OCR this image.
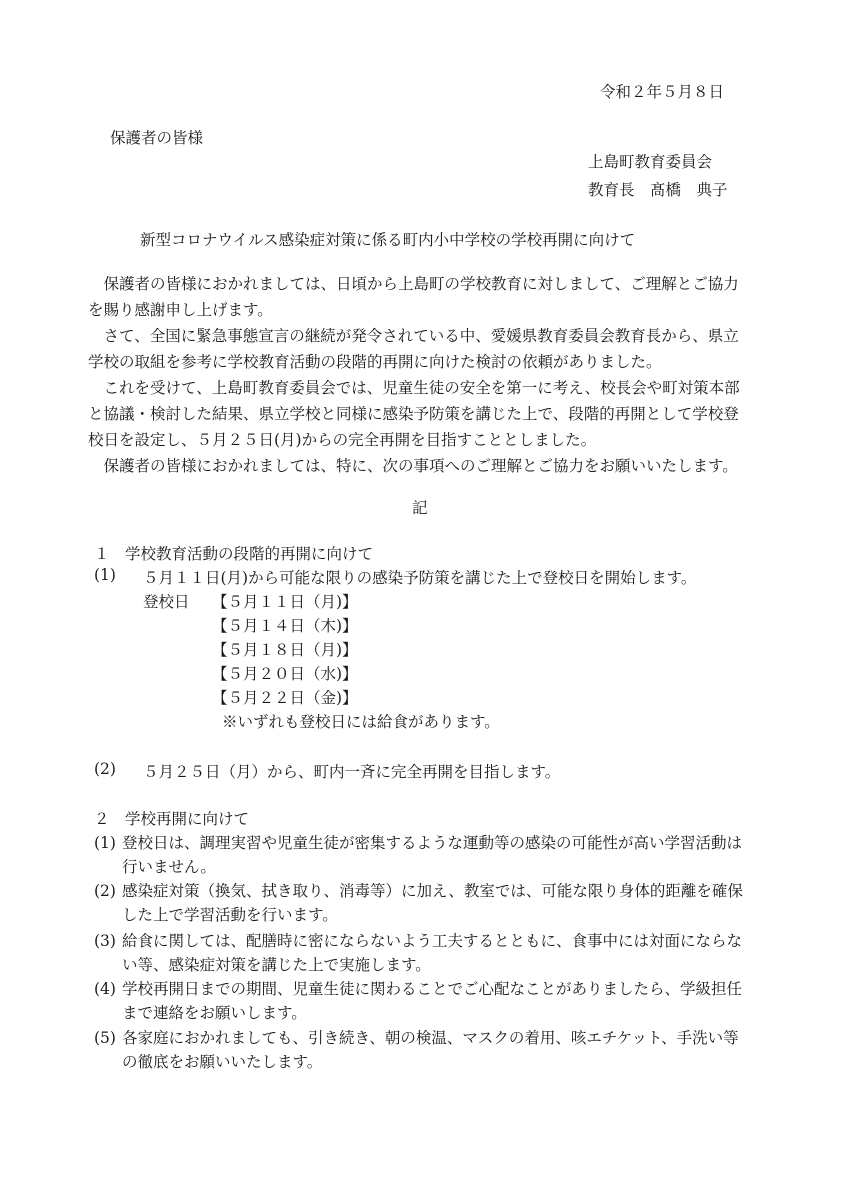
令和２年５月８日
保護者の皆様
上島町教育委員会
教育長　髙橋　典子
新型コロナウイルス感染症対策に係る町内小中学校の学校再開に向けて

保護者の皆様におかれましては、日頃から上島町の学校教育に対しまして、ご理解とご協力を賜り感謝申し上げます。

さて、全国に緊急事態宣言の継続が発令されている中、愛媛県教育委員会教育長から、県立学校の取組を参考に学校教育活動の段階的再開に向けた検討の依頼がありました。

これを受けて、上島町教育委員会では、児童生徒の安全を第一に考え、校長会や町対策本部と協議・検討した結果、県立学校と同様に感染予防策を講じた上で、段階的再開として学校登校日を設定し、５月２５日(月)からの完全再開を目指すこととしました。

保護者の皆様におかれましては、特に、次の事項へのご理解とご協力をお願いいたします。

記
１　学校教育活動の段階的再開に向けて
(1) ５月１１日(月)から可能な限りの感染予防策を講じた上で登校日を開始します。
登校日 【５月１１日（月)】
【５月１４日（木)】
【５月１８日（月)】
【５月２０日（水)】
【５月２２日（金)】
※いずれも登校日には給食があります。
(2) ５月２５日（月）から、町内一斉に完全再開を目指します。
２　学校再開に向けて
(1) 登校日は、調理実習や児童生徒が密集するような運動等の感染の可能性が高い学習活動は行いません。
(2) 感染症対策（換気、拭き取り、消毒等）に加え、教室では、可能な限り身体的距離を確保した上で学習活動を行います。
(3) 給食に関しては、配膳時に密にならないよう工夫するとともに、食事中には対面にならない等、感染症対策を講じた上で実施します。
(4) 学校再開日までの期間、児童生徒に関わることでご心配なことがありましたら、学級担任まで連絡をお願いします。
(5) 各家庭におかれましても、引き続き、朝の検温、マスクの着用、咳エチケット、手洗い等の徹底をお願いいたします。
